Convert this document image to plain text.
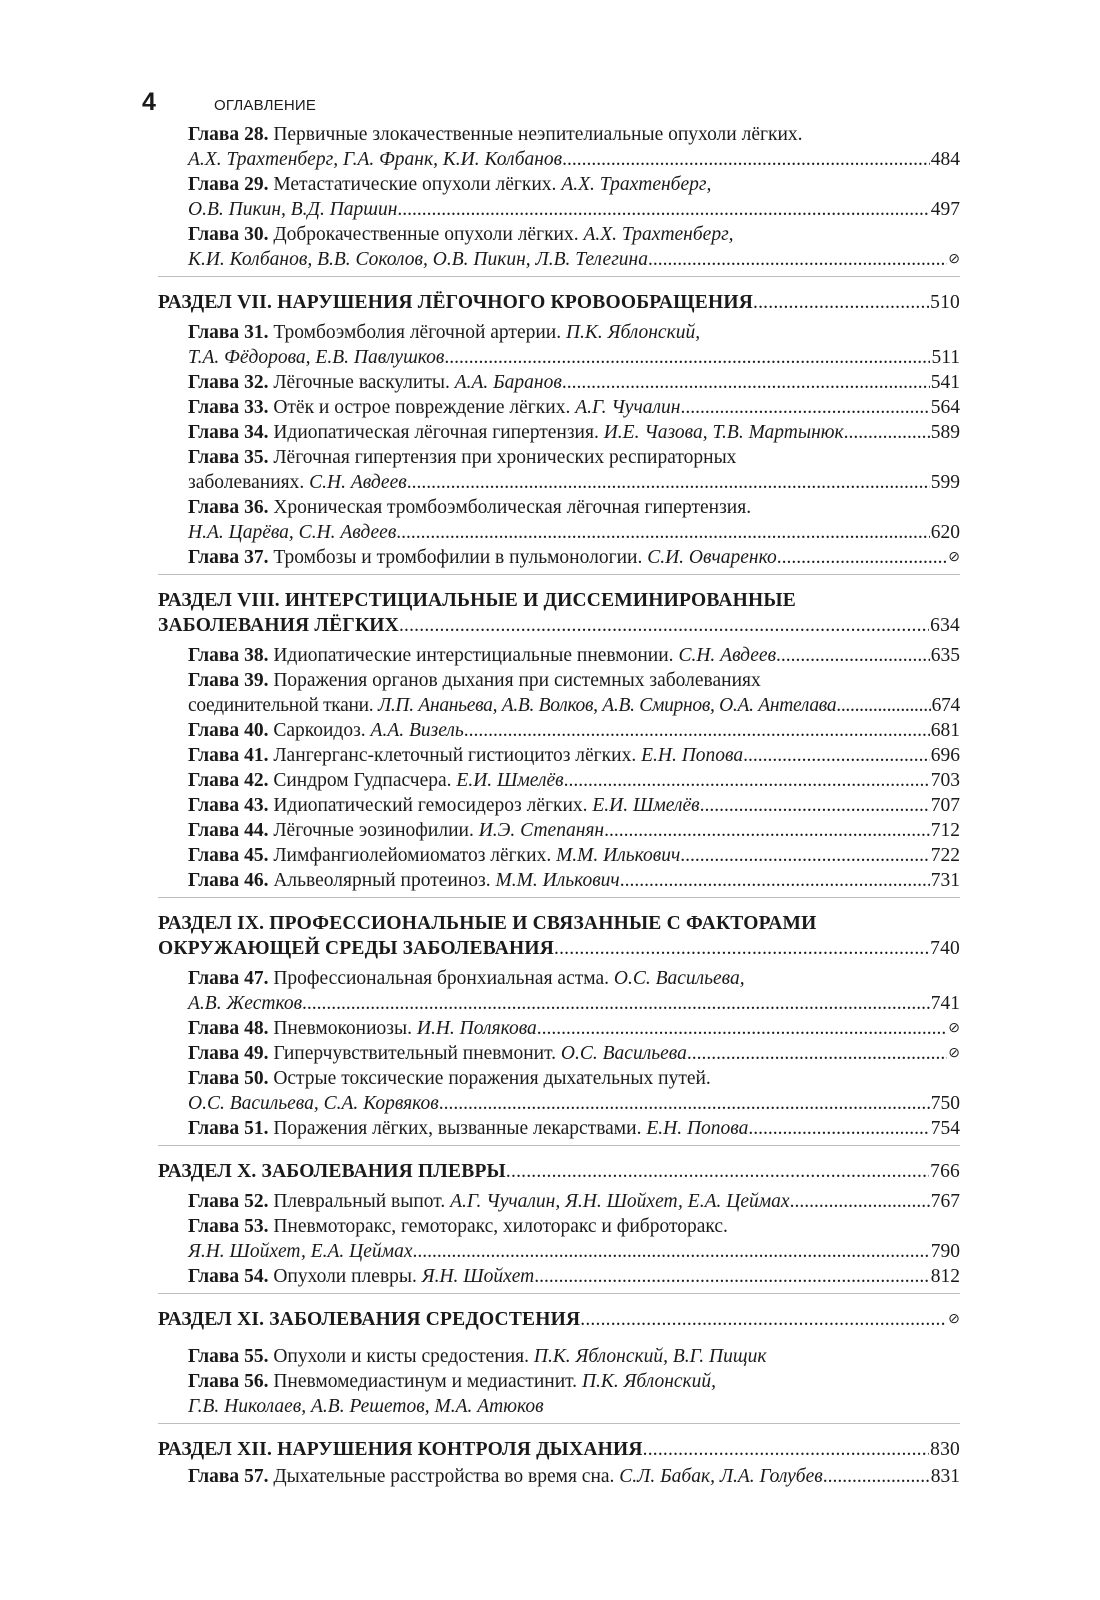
4	ОГЛАВЛЕНИЕ
Глава
28.
Первичные злокачественные неэпителиальные опухоли лёгких.
А.Х. Трахтенберг, Г.А. Франк, К.И. Колбанов .....	484
Глава
29.
Метастатические опухоли лёгких.
А.Х. Трахтенберг,
О.В. Пикин, В.Д. Паршин .....	497
Глава
30.
Доброкачественные опухоли лёгких.
А.Х. Трахтенберг,
К.И. Колбанов, В.В. Соколов, О.В. Пикин, Л.В. Телегина .....	⊘
РАЗДЕЛ VII. НАРУШЕНИЯ ЛЁГОЧНОГО КРОВООБРАЩЕНИЯ .....	510
Глава
31.
Тромбоэмболия лёгочной артерии.
П.К. Яблонский,
Т.А. Фёдорова, Е.В. Павлушков .....	511
Глава
32.
Лёгочные васкулиты.
А.А. Баранов .....	541
Глава
33.
Отёк и острое повреждение лёгких.
А.Г. Чучалин .....	564
Глава
34.
Идиопатическая лёгочная гипертензия.
И.Е. Чазова, Т.В. Мартынюк .....	589
Глава
35.
Лёгочная гипертензия при хронических респираторных
заболеваниях.
С.Н. Авдеев .....	599
Глава
36.
Хроническая тромбоэмболическая лёгочная гипертензия.
Н.А. Царёва, С.Н. Авдеев .....	620
Глава
37.
Тромбозы и тромбофилии в пульмонологии.
С.И. Овчаренко .....	⊘
РАЗДЕЛ VIII. ИНТЕРСТИЦИАЛЬНЫЕ И ДИССЕМИНИРОВАННЫЕ
ЗАБОЛЕВАНИЯ ЛЁГКИХ .....	634
Глава
38.
Идиопатические интерстициальные пневмонии.
С.Н. Авдеев .....	635
Глава
39.
Поражения органов дыхания при системных заболеваниях
соединительной ткани.
Л.П. Ананьева, А.В. Волков, А.В. Смирнов, О.А. Антелава .....	674
Глава
40.
Саркоидоз.
А.А. Визель .....	681
Глава
41.
Лангерганс-клеточный гистиоцитоз лёгких.
Е.Н. Попова .....	696
Глава
42.
Синдром Гудпасчера.
Е.И. Шмелёв .....	703
Глава
43.
Идиопатический гемосидероз лёгких.
Е.И. Шмелёв .....	707
Глава
44.
Лёгочные эозинофилии.
И.Э. Степанян .....	712
Глава
45.
Лимфангиолейомиоматоз лёгких.
М.М. Илькович .....	722
Глава
46.
Альвеолярный протеиноз.
М.М. Илькович .....	731
РАЗДЕЛ IX. ПРОФЕССИОНАЛЬНЫЕ И СВЯЗАННЫЕ С ФАКТОРАМИ
ОКРУЖАЮЩЕЙ СРЕДЫ ЗАБОЛЕВАНИЯ .....	740
Глава
47.
Профессиональная бронхиальная астма.
О.С. Васильева,
А.В. Жестков .....	741
Глава
48.
Пневмокониозы.
И.Н. Полякова .....	⊘
Глава
49.
Гиперчувствительный пневмонит.
О.С. Васильева .....	⊘
Глава
50.
Острые токсические поражения дыхательных путей.
О.С. Васильева, С.А. Корвяков .....	750
Глава
51.
Поражения лёгких, вызванные лекарствами.
Е.Н. Попова .....	754
РАЗДЕЛ X. ЗАБОЛЕВАНИЯ ПЛЕВРЫ .....	766
Глава
52.
Плевральный выпот.
А.Г. Чучалин, Я.Н. Шойхет, Е.А. Цеймах .....	767
Глава
53.
Пневмоторакс, гемоторакс, хилоторакс и фиброторакс.
Я.Н. Шойхет, Е.А. Цеймах .....	790
Глава
54.
Опухоли плевры.
Я.Н. Шойхет .....	812
РАЗДЕЛ XI. ЗАБОЛЕВАНИЯ СРЕДОСТЕНИЯ .....	⊘
Глава
55.
Опухоли и кисты средостения.
П.К. Яблонский, В.Г. Пищик
Глава
56.
Пневмомедиастинум и медиастинит.
П.К. Яблонский,
Г.В. Николаев, А.В. Решетов, М.А. Атюков
РАЗДЕЛ XII. НАРУШЕНИЯ КОНТРОЛЯ ДЫХАНИЯ .....	830
Глава
57.
Дыхательные расстройства во время сна.
С.Л. Бабак, Л.А. Голубев .....	831
